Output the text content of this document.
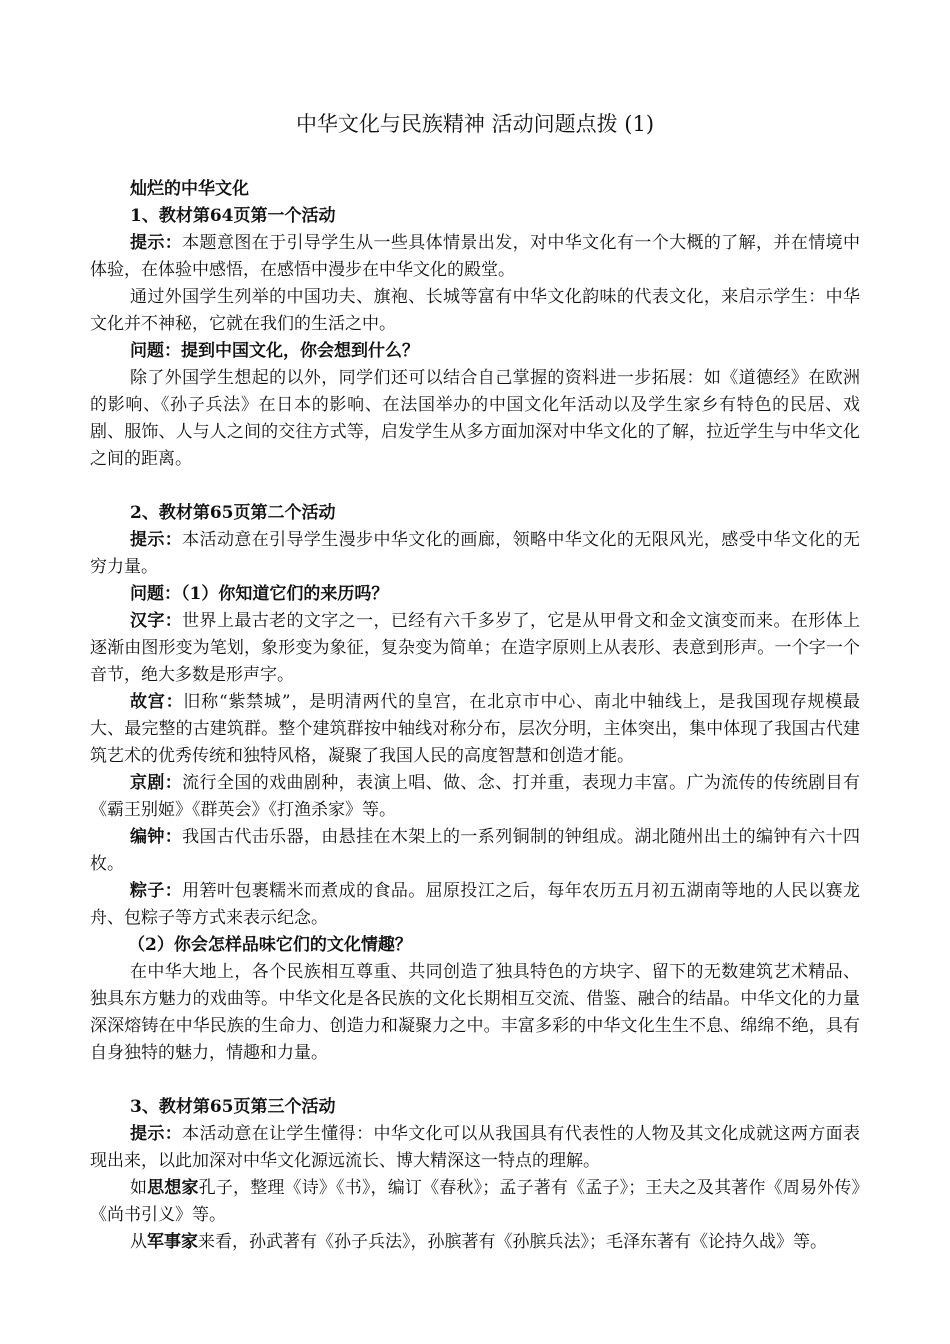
中华文化与民族精神 活动问题点拨 (1)

灿烂的中华文化

1、教材第64页第一个活动

提示：本题意图在于引导学生从一些具体情景出发，对中华文化有一个大概的了解，并在情境中体验，在体验中感悟，在感悟中漫步在中华文化的殿堂。

通过外国学生列举的中国功夫、旗袍、长城等富有中华文化韵味的代表文化，来启示学生：中华文化并不神秘，它就在我们的生活之中。

问题：提到中国文化，你会想到什么？

除了外国学生想起的以外，同学们还可以结合自己掌握的资料进一步拓展：如《道德经》在欧洲的影响、《孙子兵法》在日本的影响、在法国举办的中国文化年活动以及学生家乡有特色的民居、戏剧、服饰、人与人之间的交往方式等，启发学生从多方面加深对中华文化的了解，拉近学生与中华文化之间的距离。

2、教材第65页第二个活动

提示：本活动意在引导学生漫步中华文化的画廊，领略中华文化的无限风光，感受中华文化的无穷力量。

问题：（1）你知道它们的来历吗？

汉字：世界上最古老的文字之一，已经有六千多岁了，它是从甲骨文和金文演变而来。在形体上逐渐由图形变为笔划，象形变为象征，复杂变为简单；在造字原则上从表形、表意到形声。一个字一个音节，绝大多数是形声字。

故宫：旧称“紫禁城”，是明清两代的皇宫，在北京市中心、南北中轴线上，是我国现存规模最大、最完整的古建筑群。整个建筑群按中轴线对称分布，层次分明，主体突出，集中体现了我国古代建筑艺术的优秀传统和独特风格，凝聚了我国人民的高度智慧和创造才能。

京剧：流行全国的戏曲剧种，表演上唱、做、念、打并重，表现力丰富。广为流传的传统剧目有《霸王别姬》《群英会》《打渔杀家》等。

编钟：我国古代击乐器，由悬挂在木架上的一系列铜制的钟组成。湖北随州出土的编钟有六十四枚。

粽子：用箬叶包裹糯米而煮成的食品。屈原投江之后，每年农历五月初五湖南等地的人民以赛龙舟、包粽子等方式来表示纪念。

（2）你会怎样品味它们的文化情趣？

在中华大地上，各个民族相互尊重、共同创造了独具特色的方块字、留下的无数建筑艺术精品、独具东方魅力的戏曲等。中华文化是各民族的文化长期相互交流、借鉴、融合的结晶。中华文化的力量深深熔铸在中华民族的生命力、创造力和凝聚力之中。丰富多彩的中华文化生生不息、绵绵不绝，具有自身独特的魅力，情趣和力量。

3、教材第65页第三个活动

提示：本活动意在让学生懂得：中华文化可以从我国具有代表性的人物及其文化成就这两方面表现出来，以此加深对中华文化源远流长、博大精深这一特点的理解。

如思想家孔子，整理《诗》《书》，编订《春秋》；孟子著有《孟子》；王夫之及其著作《周易外传》《尚书引义》等。

从军事家来看，孙武著有《孙子兵法》，孙膑著有《孙膑兵法》；毛泽东著有《论持久战》等。
